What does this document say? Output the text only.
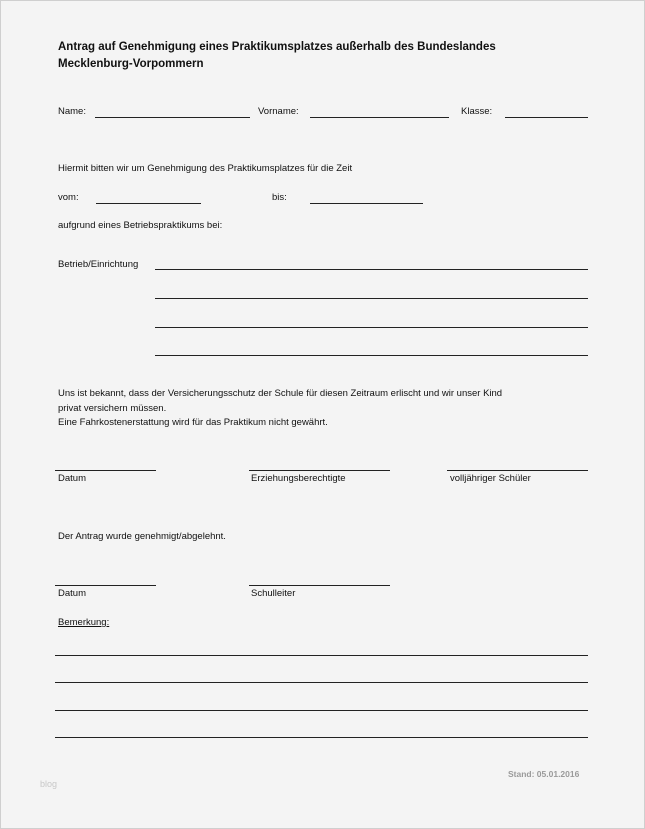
Antrag auf Genehmigung eines Praktikumsplatzes außerhalb des Bundeslandes
Mecklenburg-Vorpommern
Name:	Vorname:	Klasse:
Hiermit bitten wir um Genehmigung des Praktikumsplatzes für die Zeit
vom:	bis:
aufgrund eines Betriebspraktikums bei:
Betrieb/Einrichtung
Uns ist bekannt, dass der Versicherungsschutz der Schule für diesen Zeitraum erlischt und wir unser Kind
privat versichern müssen.
Eine Fahrkostenerstattung wird für das Praktikum nicht gewährt.
Datum	Erziehungsberechtigte	volljähriger Schüler
Der Antrag wurde genehmigt/abgelehnt.
Datum	Schulleiter
Bemerkung:
blog
Stand: 05.01.2016
